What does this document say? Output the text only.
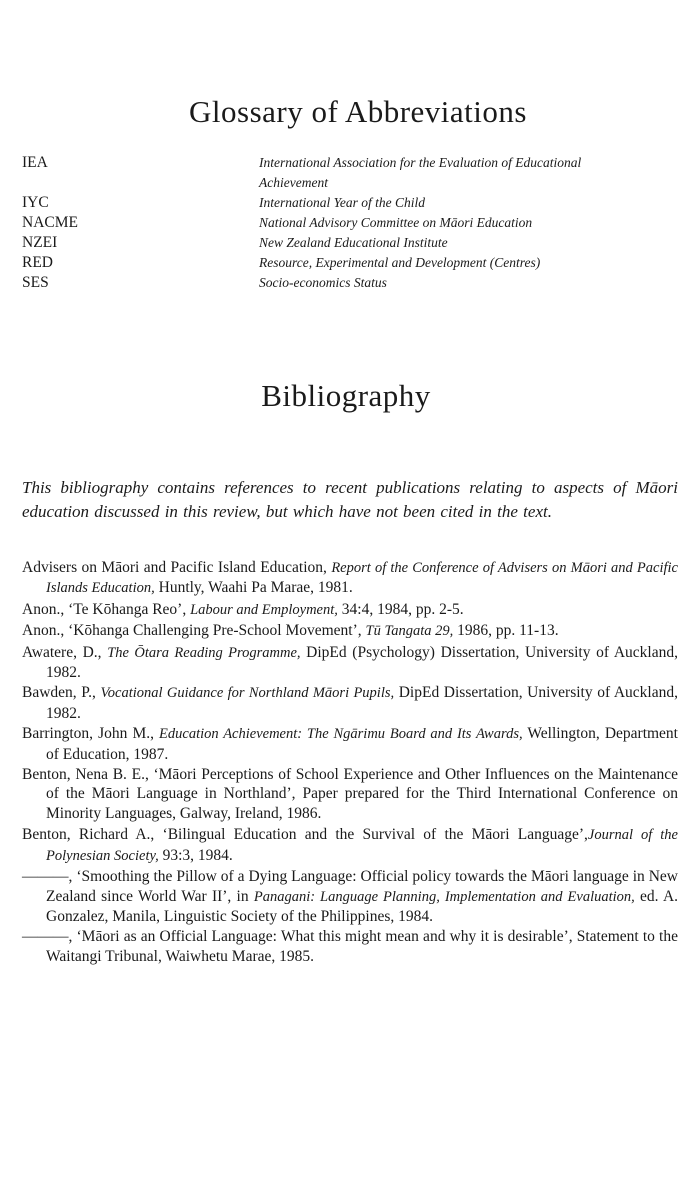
Glossary of Abbreviations
IEA	International Association for the Evaluation of Educational Achievement
IYC	International Year of the Child
NACME	National Advisory Committee on Māori Education
NZEI	New Zealand Educational Institute
RED	Resource, Experimental and Development (Centres)
SES	Socio-economics Status
Bibliography

This bibliography contains references to recent publications relating to aspects of Māori education discussed in this review, but which have not been cited in the text.

Advisers on Māori and Pacific Island Education, Report of the Conference of Advisers on Māori and Pacific Islands Education, Huntly, Waahi Pa Marae, 1981.

Anon., ‘Te Kōhanga Reo’, Labour and Employment, 34:4, 1984, pp. 2-5.

Anon., ‘Kōhanga Challenging Pre-School Movement’, Tū Tangata 29, 1986, pp. 11-13.

Awatere, D., The Ōtara Reading Programme, DipEd (Psychology) Dissertation, University of Auckland, 1982.

Bawden, P., Vocational Guidance for Northland Māori Pupils, DipEd Dissertation, University of Auckland, 1982.

Barrington, John M., Education Achievement: The Ngārimu Board and Its Awards, Wellington, Department of Education, 1987.

Benton, Nena B. E., ‘Māori Perceptions of School Experience and Other Influences on the Maintenance of the Māori Language in Northland’, Paper prepared for the Third International Conference on Minority Languages, Galway, Ireland, 1986.

Benton, Richard A., ‘Bilingual Education and the Survival of the Māori Language’,Journal of the Polynesian Society, 93:3, 1984.

———, ‘Smoothing the Pillow of a Dying Language: Official policy towards the Māori language in New Zealand since World War II’, in Panagani: Language Planning, Implementation and Evaluation, ed. A. Gonzalez, Manila, Linguistic Society of the Philippines, 1984.

———, ‘Māori as an Official Language: What this might mean and why it is desirable’, Statement to the Waitangi Tribunal, Waiwhetu Marae, 1985.
